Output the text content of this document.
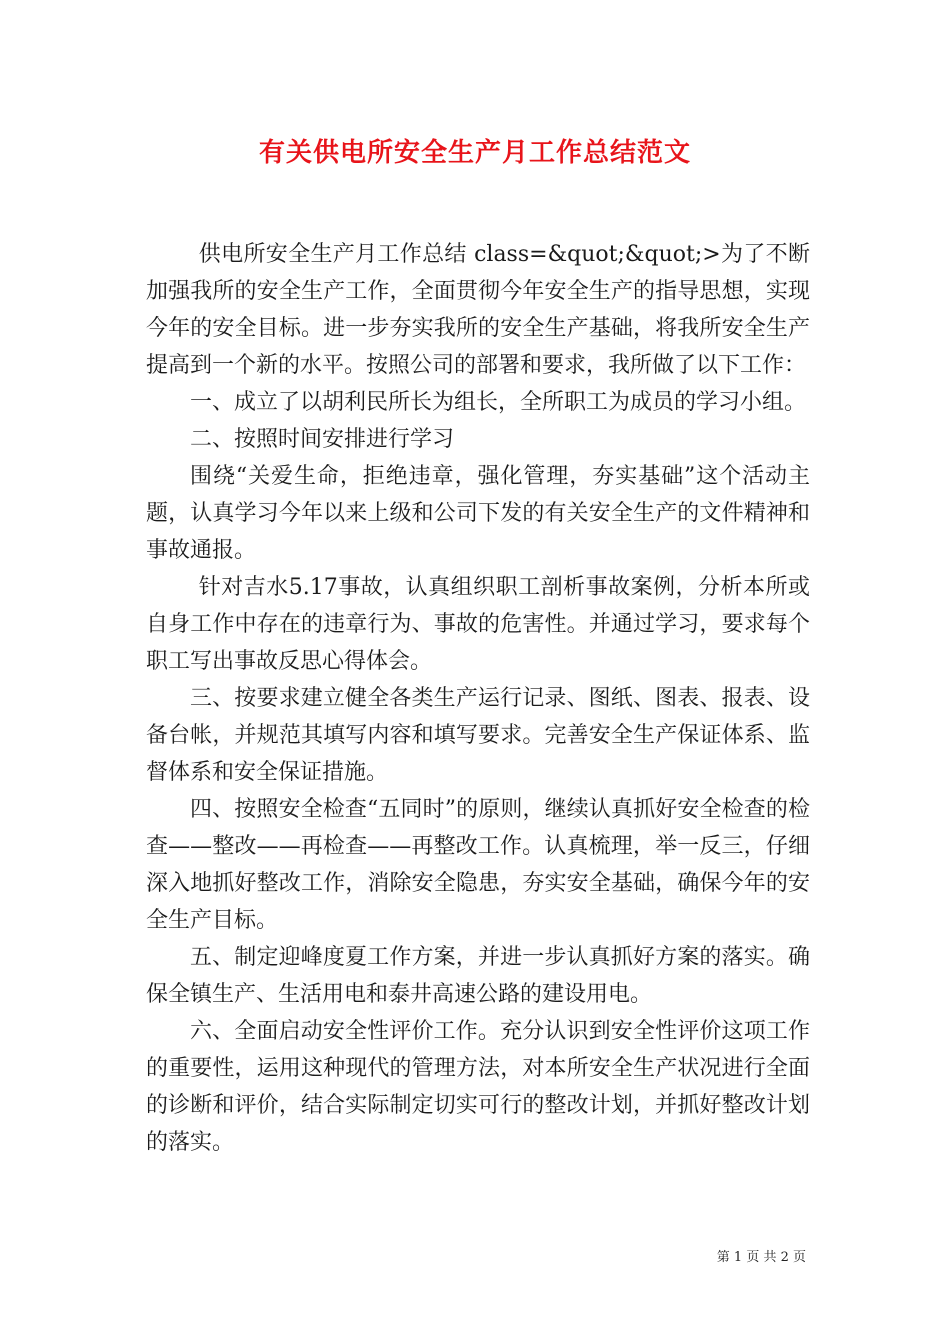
有关供电所安全生产月工作总结范文

供电所安全生产月工作总结 class=&quot;&quot;>为了不断加强我所的安全生产工作，全面贯彻今年安全生产的指导思想，实现今年的安全目标。进一步夯实我所的安全生产基础，将我所安全生产提高到一个新的水平。按照公司的部署和要求，我所做了以下工作：

一、成立了以胡利民所长为组长，全所职工为成员的学习小组。

二、按照时间安排进行学习

围绕“关爱生命，拒绝违章，强化管理，夯实基础”这个活动主题，认真学习今年以来上级和公司下发的有关安全生产的文件精神和事故通报。

针对吉水5.17事故，认真组织职工剖析事故案例，分析本所或自身工作中存在的违章行为、事故的危害性。并通过学习，要求每个职工写出事故反思心得体会。

三、按要求建立健全各类生产运行记录、图纸、图表、报表、设备台帐，并规范其填写内容和填写要求。完善安全生产保证体系、监督体系和安全保证措施。

四、按照安全检查“五同时”的原则，继续认真抓好安全检查的检查——整改——再检查——再整改工作。认真梳理，举一反三，仔细深入地抓好整改工作，消除安全隐患，夯实安全基础，确保今年的安全生产目标。

五、制定迎峰度夏工作方案，并进一步认真抓好方案的落实。确保全镇生产、生活用电和泰井高速公路的建设用电。

六、全面启动安全性评价工作。充分认识到安全性评价这项工作的重要性，运用这种现代的管理方法，对本所安全生产状况进行全面的诊断和评价，结合实际制定切实可行的整改计划，并抓好整改计划的落实。

第 1 页 共 2 页
